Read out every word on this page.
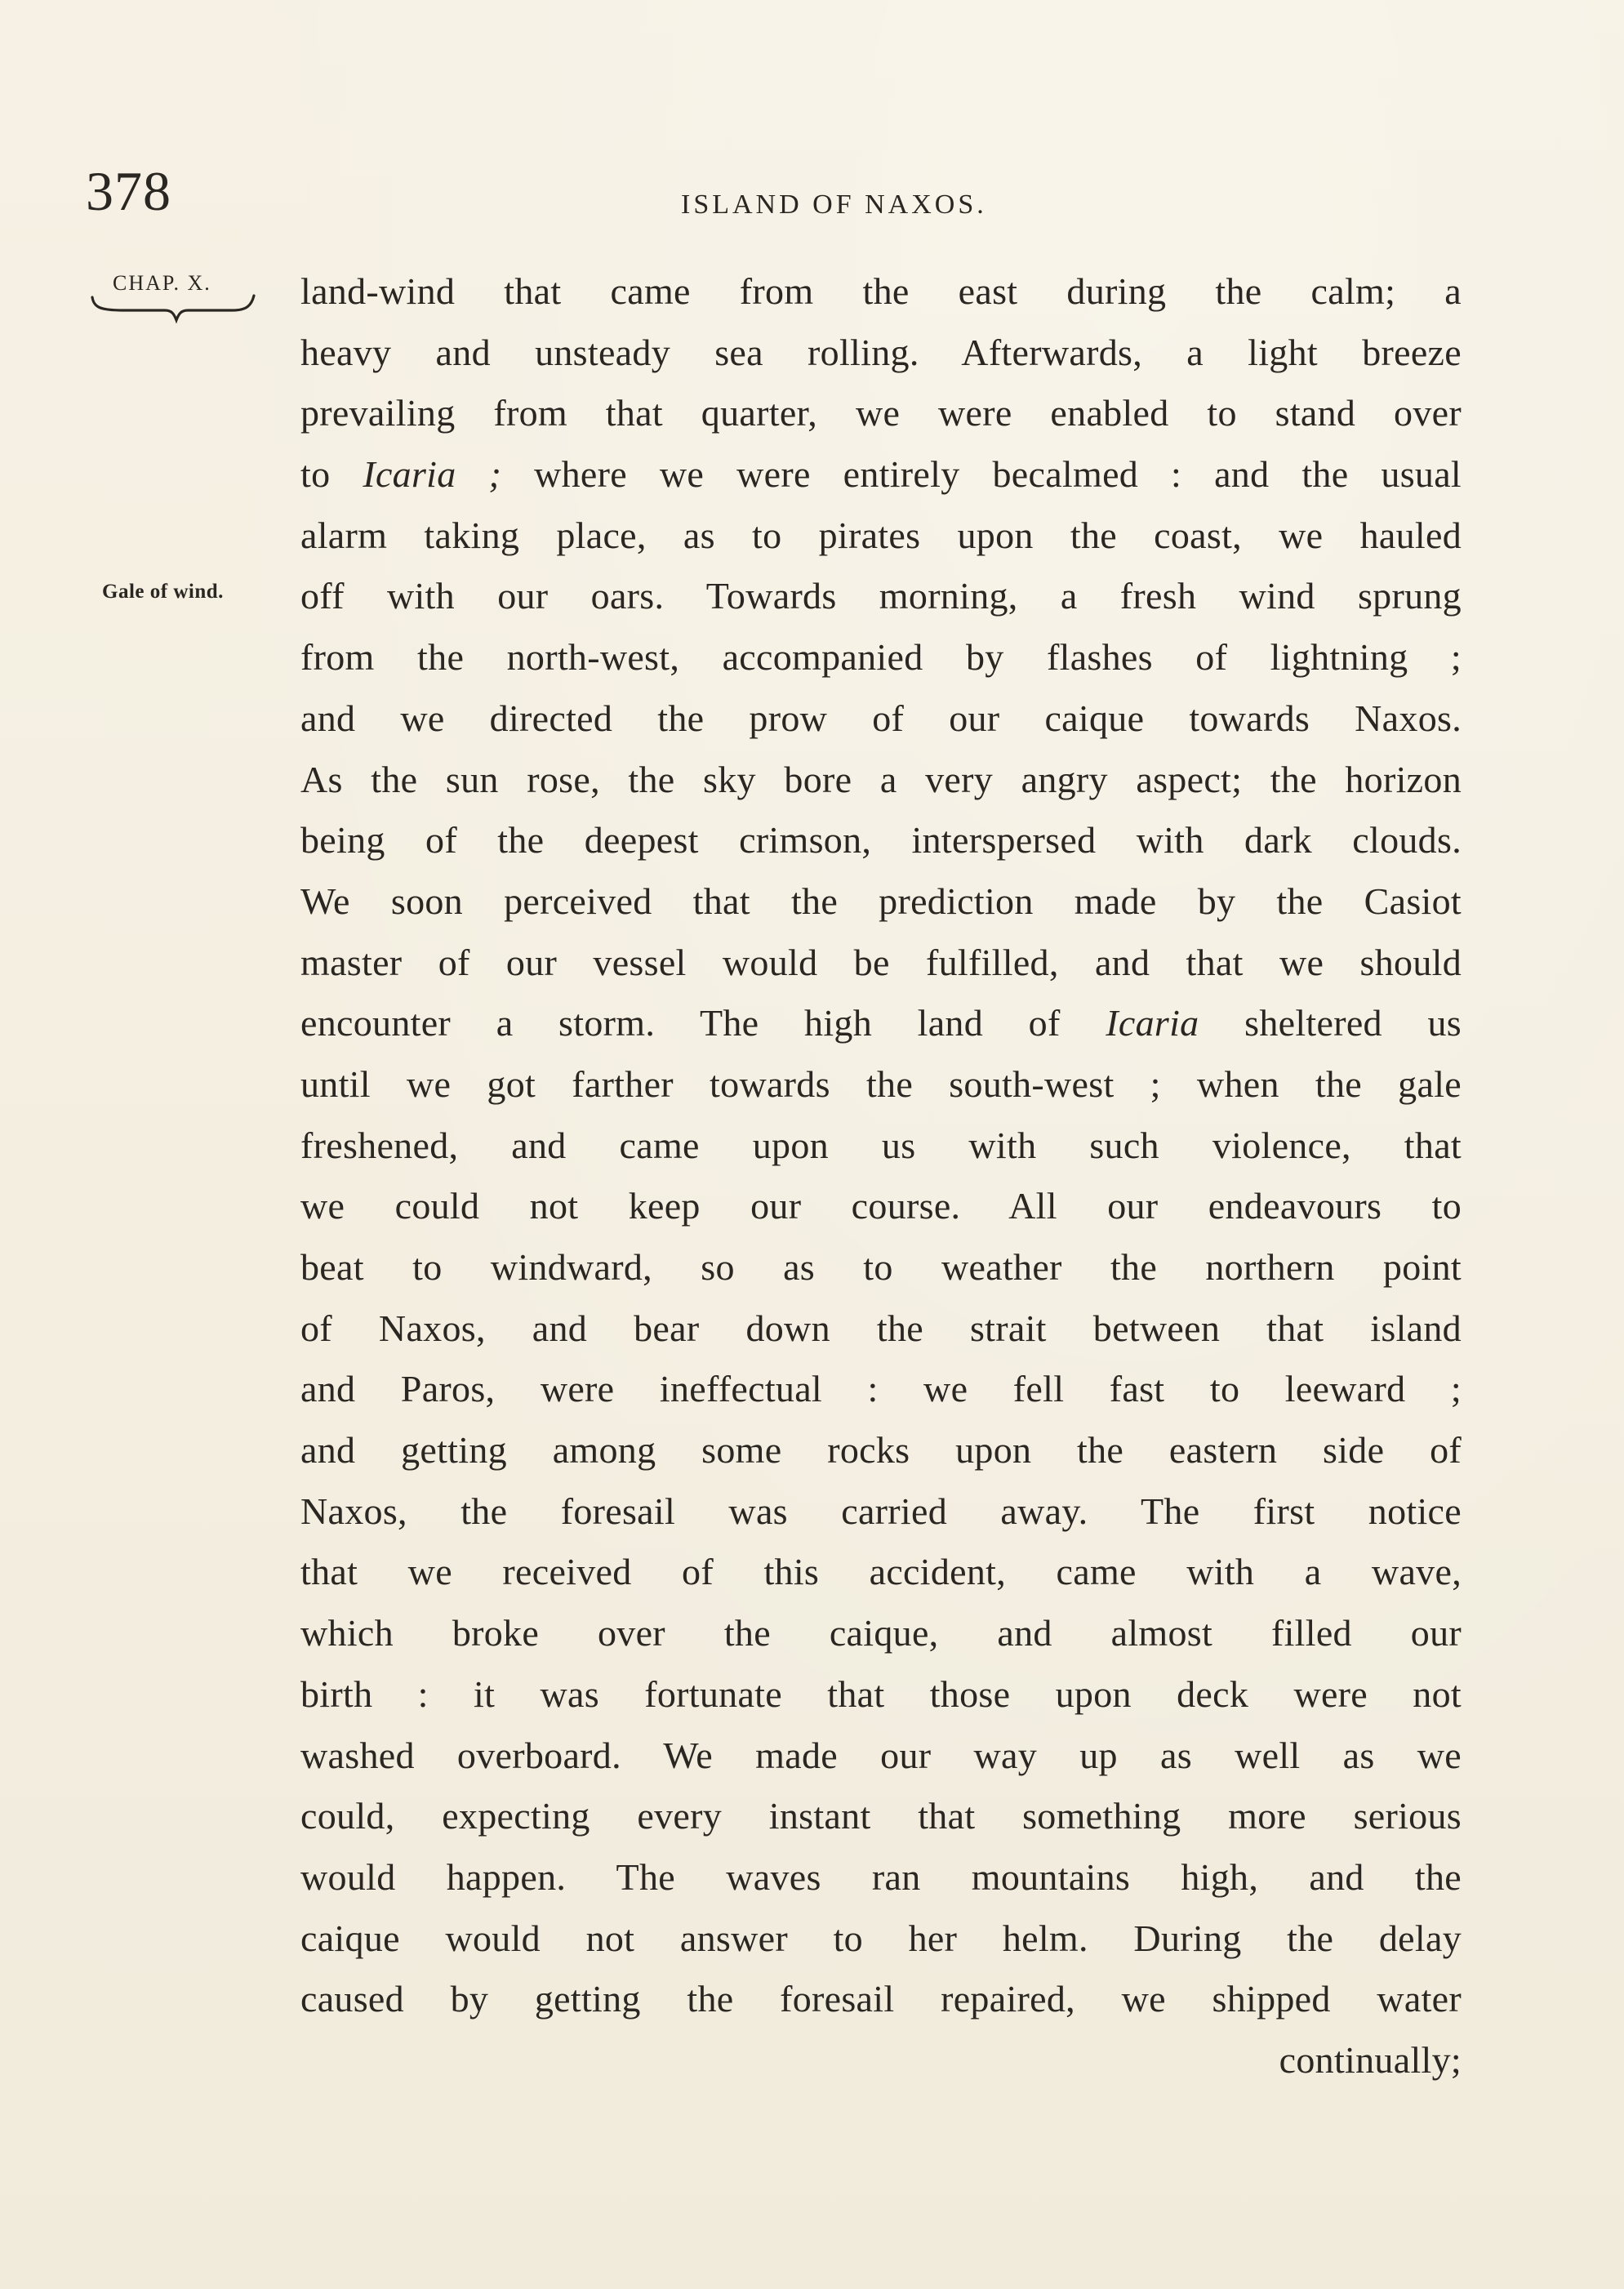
378	ISLAND OF NAXOS.
CHAP. X.
Gale of wind.
land-wind that came from the east during the calm; a
heavy and unsteady sea rolling. Afterwards, a light breeze
prevailing from that quarter, we were enabled to stand over
to Icaria ; where we were entirely becalmed : and the usual
alarm taking place, as to pirates upon the coast, we hauled
off with our oars. Towards morning, a fresh wind sprung
from the north-west, accompanied by flashes of lightning ;
and we directed the prow of our caique towards Naxos.
As the sun rose, the sky bore a very angry aspect; the horizon
being of the deepest crimson, interspersed with dark clouds.
We soon perceived that the prediction made by the Casiot
master of our vessel would be fulfilled, and that we should
encounter a storm. The high land of Icaria sheltered us
until we got farther towards the south-west ; when the gale
freshened, and came upon us with such violence, that
we could not keep our course. All our endeavours to
beat to windward, so as to weather the northern point
of Naxos, and bear down the strait between that island
and Paros, were ineffectual : we fell fast to leeward ;
and getting among some rocks upon the eastern side of
Naxos, the foresail was carried away. The first notice
that we received of this accident, came with a wave,
which broke over the caique, and almost filled our
birth : it was fortunate that those upon deck were not
washed overboard. We made our way up as well as we
could, expecting every instant that something more serious
would happen. The waves ran mountains high, and the
caique would not answer to her helm. During the delay
caused by getting the foresail repaired, we shipped water
continually;
